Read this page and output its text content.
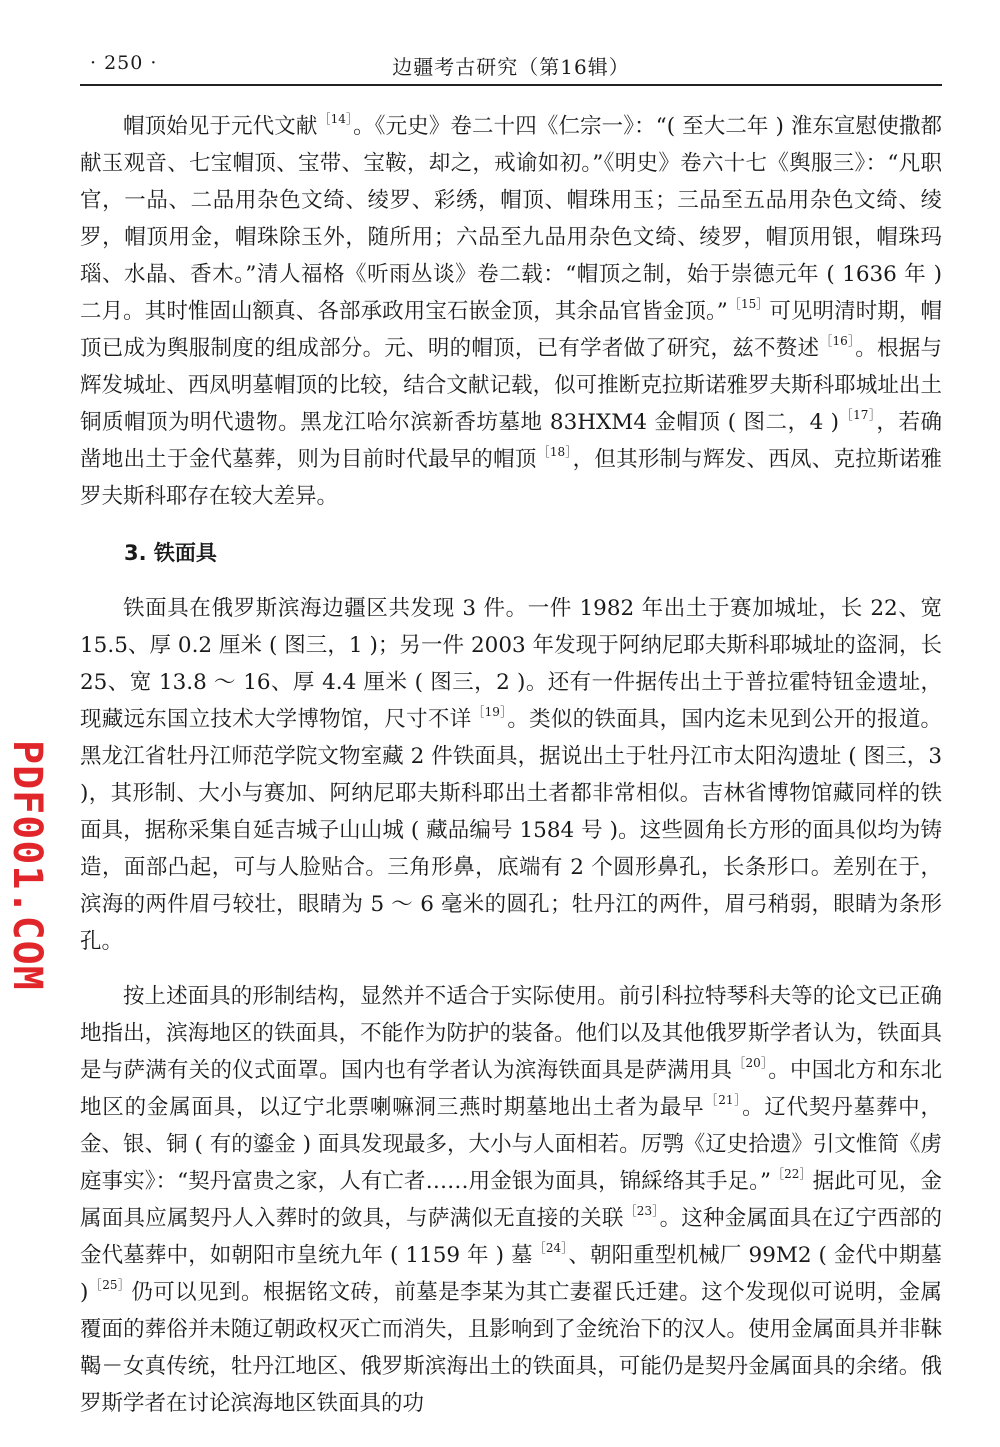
· 250 ·	边疆考古研究（第16辑）
PDF001.COM

帽顶始见于元代文献$^{[14]}$。《元史》卷二十四《仁宗一》：“( 至大二年 ) 淮东宣慰使撒都献玉观音、七宝帽顶、宝带、宝鞍，却之，戒谕如初。”《明史》卷六十七《舆服三》：“凡职官，一品、二品用杂色文绮、绫罗、彩绣，帽顶、帽珠用玉；三品至五品用杂色文绮、绫罗，帽顶用金，帽珠除玉外，随所用；六品至九品用杂色文绮、绫罗，帽顶用银，帽珠玛瑙、水晶、香木。”清人福格《听雨丛谈》卷二载：“帽顶之制，始于崇德元年 ( 1636 年 ) 二月。其时惟固山额真、各部承政用宝石嵌金顶，其余品官皆金顶。”$^{[15]}$可见明清时期，帽顶已成为舆服制度的组成部分。元、明的帽顶，已有学者做了研究，兹不赘述$^{[16]}$。根据与辉发城址、西凤明墓帽顶的比较，结合文献记载，似可推断克拉斯诺雅罗夫斯科耶城址出土铜质帽顶为明代遗物。黑龙江哈尔滨新香坊墓地 83HXM4 金帽顶 ( 图二，4 )$^{[17]}$，若确凿地出土于金代墓葬，则为目前时代最早的帽顶$^{[18]}$，但其形制与辉发、西凤、克拉斯诺雅罗夫斯科耶存在较大差异。

3. 铁面具

铁面具在俄罗斯滨海边疆区共发现 3 件。一件 1982 年出土于赛加城址，长 22、宽 15.5、厚 0.2 厘米 ( 图三，1 )；另一件 2003 年发现于阿纳尼耶夫斯科耶城址的盗洞，长 25、宽 13.8 ～ 16、厚 4.4 厘米 ( 图三，2 )。还有一件据传出土于普拉霍特钮金遗址，现藏远东国立技术大学博物馆，尺寸不详$^{[19]}$。类似的铁面具，国内迄未见到公开的报道。黑龙江省牡丹江师范学院文物室藏 2 件铁面具，据说出土于牡丹江市太阳沟遗址 ( 图三，3 )，其形制、大小与赛加、阿纳尼耶夫斯科耶出土者都非常相似。吉林省博物馆藏同样的铁面具，据称采集自延吉城子山山城 ( 藏品编号 1584 号 )。这些圆角长方形的面具似均为铸造，面部凸起，可与人脸贴合。三角形鼻，底端有 2 个圆形鼻孔，长条形口。差别在于，滨海的两件眉弓较壮，眼睛为 5 ～ 6 毫米的圆孔；牡丹江的两件，眉弓稍弱，眼睛为条形孔。

按上述面具的形制结构，显然并不适合于实际使用。前引科拉特琴科夫等的论文已正确地指出，滨海地区的铁面具，不能作为防护的装备。他们以及其他俄罗斯学者认为，铁面具是与萨满有关的仪式面罩。国内也有学者认为滨海铁面具是萨满用具$^{[20]}$。中国北方和东北地区的金属面具，以辽宁北票喇嘛洞三燕时期墓地出土者为最早$^{[21]}$。辽代契丹墓葬中，金、银、铜 ( 有的鎏金 ) 面具发现最多，大小与人面相若。厉鹗《辽史拾遗》引文惟简《虏庭事实》：“契丹富贵之家，人有亡者……用金银为面具，锦綵络其手足。”$^{[22]}$据此可见，金属面具应属契丹人入葬时的敛具，与萨满似无直接的关联$^{[23]}$。这种金属面具在辽宁西部的金代墓葬中，如朝阳市皇统九年 ( 1159 年 ) 墓$^{[24]}$、朝阳重型机械厂 99M2 ( 金代中期墓 )$^{[25]}$仍可以见到。根据铭文砖，前墓是李某为其亡妻翟氏迁建。这个发现似可说明，金属覆面的葬俗并未随辽朝政权灭亡而消失，且影响到了金统治下的汉人。使用金属面具并非靺鞨－女真传统，牡丹江地区、俄罗斯滨海出土的铁面具，可能仍是契丹金属面具的余绪。俄罗斯学者在讨论滨海地区铁面具的功
